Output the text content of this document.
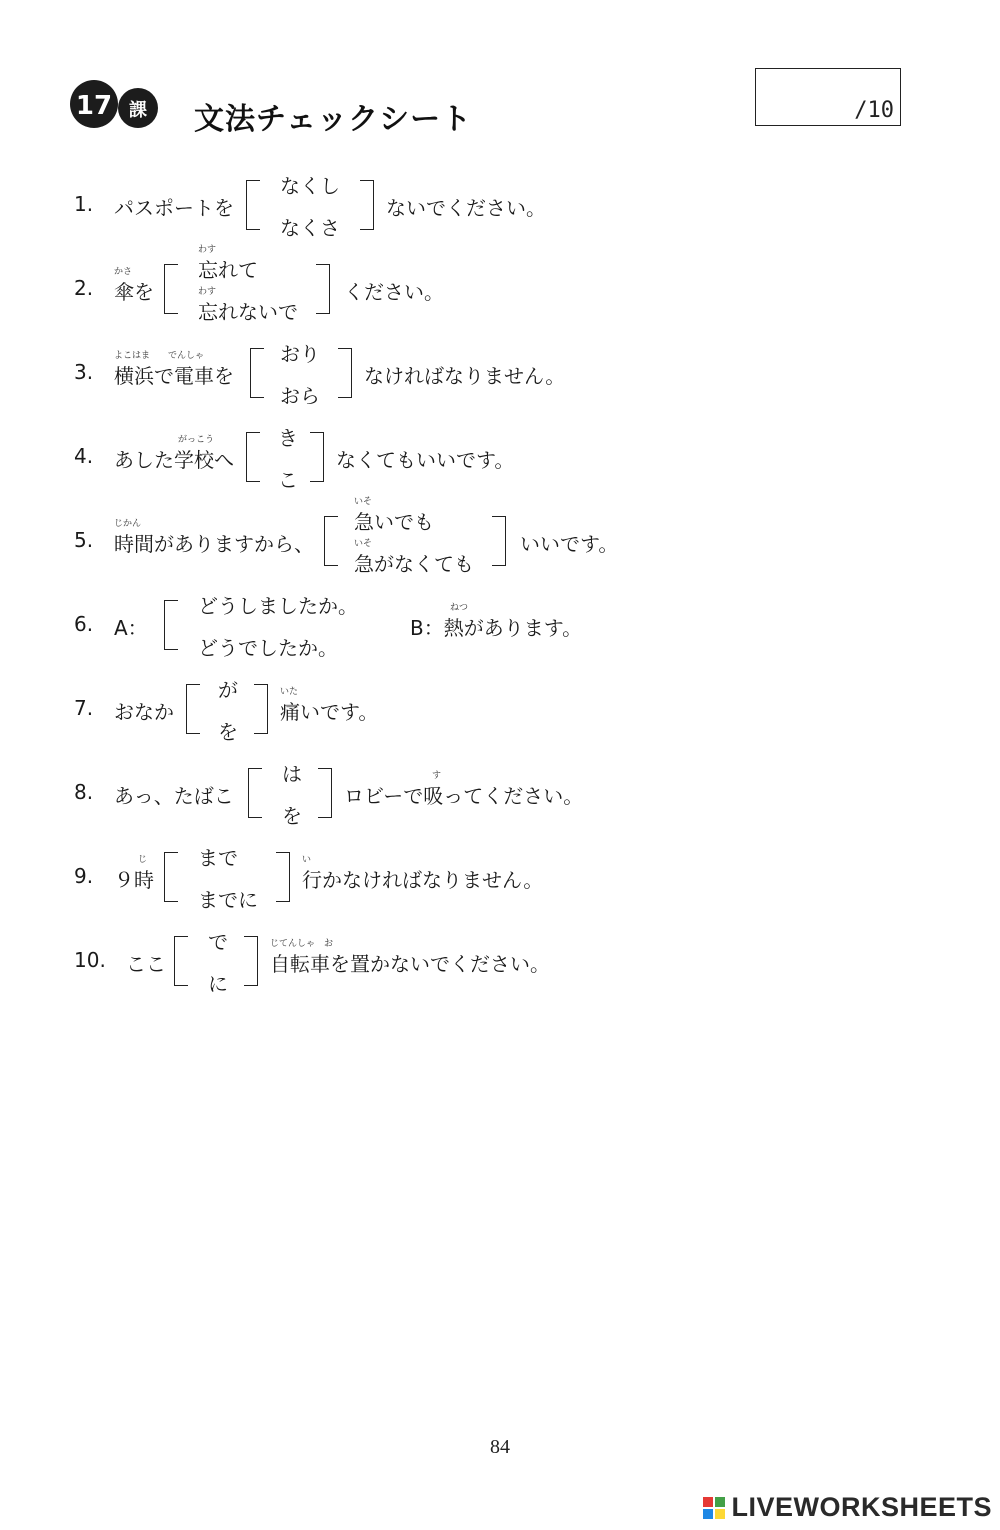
17 課 文法チェックシート	/10
1. パスポートを
なくし
なくさ
ないでください。
2.
かさ
傘を
わす
忘れて
わす
忘れないで
ください。
3.
よこはま　　でんしゃ
横浜で電車を
おり
おら
なければなりません。
4.
がっこう
あした学校へ
き
こ
なくてもいいです。
5.
じかん
時間がありますから、
いそ
急いでも
いそ
急がなくても
いいです。
6. A：
どうしましたか。
どうでしたか。
ねつ
B：熱があります。
7. おなか
が
を
いた
痛いです。
8. あっ、たばこ
は
を
す
ロビーで吸ってください。
9.
じ
９時
まで
までに
い
行かなければなりません。
10. ここ
で
に
じてんしゃ　お
自転車を置かないでください。
84
LIVEWORKSHEETS
